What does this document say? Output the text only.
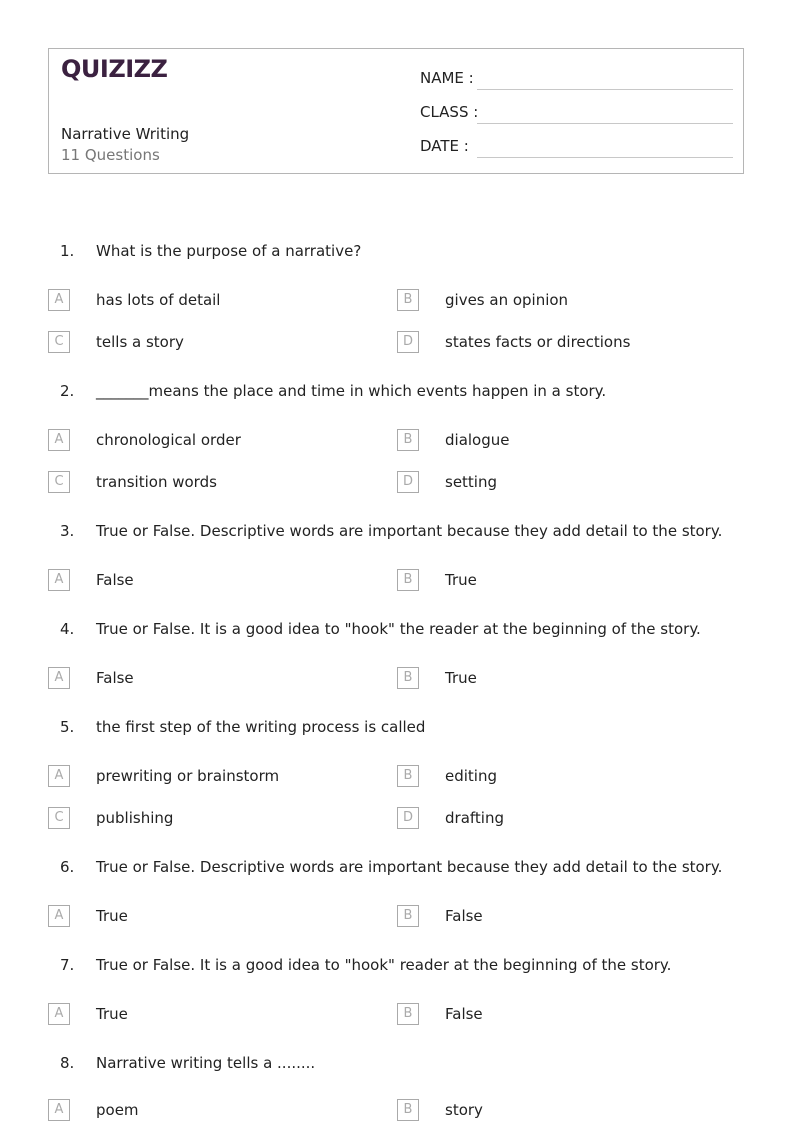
QUIZIZZ
Narrative Writing
11 Questions
NAME :
CLASS :
DATE :
1. What is the purpose of a narrative?
A	has lots of detail	B	gives an opinion
C	tells a story	D	states facts or directions
2. _______means the place and time in which events happen in a story.
A	chronological order	B	dialogue
C	transition words	D	setting
3. True or False. Descriptive words are important because they add detail to the story.
A	False	B	True
4. True or False. It is a good idea to "hook" the reader at the beginning of the story.
A	False	B	True
5. the first step of the writing process is called
A	prewriting or brainstorm	B	editing
C	publishing	D	drafting
6. True or False. Descriptive words are important because they add detail to the story.
A	True	B	False
7. True or False. It is a good idea to "hook" reader at the beginning of the story.
A	True	B	False
8. Narrative writing tells a ........
A	poem	B	story
